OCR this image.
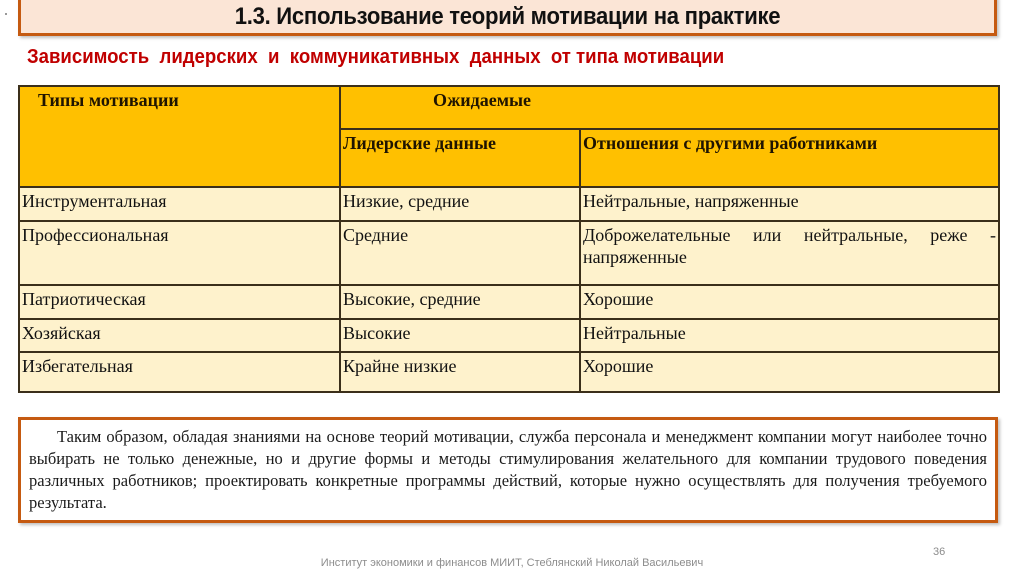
1.3. Использование теорий мотивации на практике
Зависимость  лидерских  и  коммуникативных  данных  от типа мотивации
Типы мотивации	Ожидаемые	
	Лидерские данные	Отношения с другими работниками
Инструментальная	Низкие, средние	Нейтральные, напряженные
Профессиональная	Средние	Доброжелательные или нейтральные, реже - напряженные
Патриотическая	Высокие, средние	Хорошие
Хозяйская	Высокие	Нейтральные
Избегательная	Крайне низкие	Хорошие

Таким образом, обладая знаниями на основе теорий мотивации, служба персонала и менеджмент компании могут наиболее точно выбирать не только денежные, но и другие формы и методы стимулирования желательного для компании трудового поведения различных работников; проектировать конкретные программы действий, которые нужно осуществлять для получения требуемого результата.

36
Институт экономики и финансов МИИТ, Стеблянский Николай Васильевич
